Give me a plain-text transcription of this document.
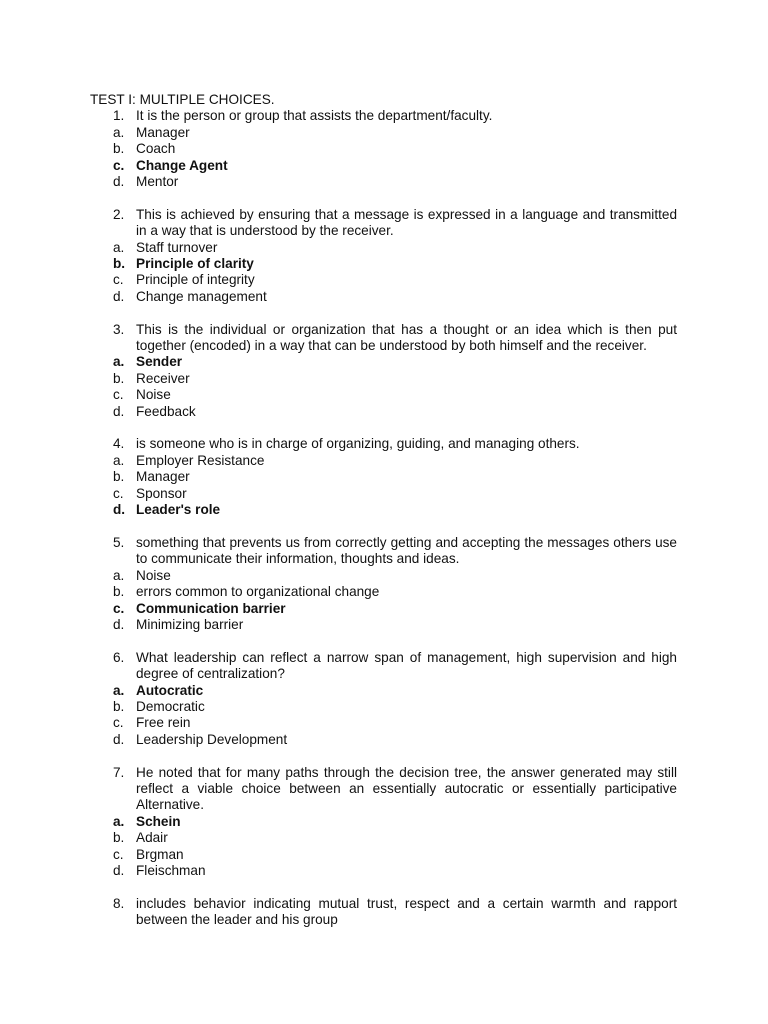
TEST I: MULTIPLE CHOICES.
1. It is the person or group that assists the department/faculty.
a. Manager
b. Coach
c. Change Agent
d. Mentor
2. This is achieved by ensuring that a message is expressed in a language and transmitted in a way that is understood by the receiver.
a. Staff turnover
b. Principle of clarity
c. Principle of integrity
d. Change management
3. This is the individual or organization that has a thought or an idea which is then put together (encoded) in a way that can be understood by both himself and the receiver.
a. Sender
b. Receiver
c. Noise
d. Feedback
4. is someone who is in charge of organizing, guiding, and managing others.
a. Employer Resistance
b. Manager
c. Sponsor
d. Leader's role
5. something that prevents us from correctly getting and accepting the messages others use to communicate their information, thoughts and ideas.
a. Noise
b. errors common to organizational change
c. Communication barrier
d. Minimizing barrier
6. What leadership can reflect a narrow span of management, high supervision and high degree of centralization?
a. Autocratic
b. Democratic
c. Free rein
d. Leadership Development
7. He noted that for many paths through the decision tree, the answer generated may still reflect a viable choice between an essentially autocratic or essentially participative Alternative.
a. Schein
b. Adair
c. Brgman
d. Fleischman
8. includes behavior indicating mutual trust, respect and a certain warmth and rapport between the leader and his group
